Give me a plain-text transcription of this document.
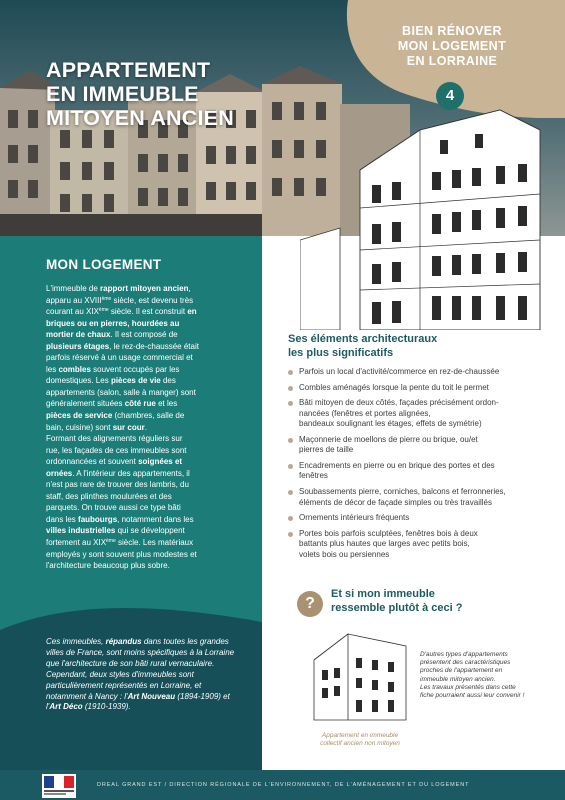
BIEN RÉNOVER
MON LOGEMENT
EN LORRAINE
4
APPARTEMENT
EN IMMEUBLE
MITOYEN ANCIEN
MON LOGEMENT

L'immeuble de rapport mitoyen ancien,
apparu au XVIIIème siècle, est devenu très
courant au XIXème siècle. Il est construit en
briques ou en pierres, hourdées au
mortier de chaux. Il est composé de
plusieurs étages, le rez-de-chaussée était
parfois réservé à un usage commercial et
les combles souvent occupés par les
domestiques. Les pièces de vie des
appartements (salon, salle à manger) sont
généralement situées côté rue et les
pièces de service (chambres, salle de
bain, cuisine) sont sur cour.
Formant des alignements réguliers sur
rue, les façades de ces immeubles sont
ordonnancées et souvent soignées et
ornées. A l'intérieur des appartements, il
n'est pas rare de trouver des lambris, du
staff, des plinthes moulurées et des
parquets. On trouve aussi ce type bâti
dans les faubourgs, notamment dans les
villes industrielles qui se développent
fortement au XIXème siècle. Les matériaux
employés y sont souvent plus modestes et
l'architecture beaucoup plus sobre.

Ces immeubles, répandus dans toutes les grandes villes de France, sont moins spécifiques à la Lorraine que l'architecture de son bâti rural vernaculaire. Cependant, deux styles d'immeubles sont particulièrement représentés en Lorraine, et notamment à Nancy : l'Art Nouveau (1894-1909) et l'Art Déco (1910-1939).
Ses éléments architecturaux
les plus significatifs
Parfois un local d'activité/commerce en rez-de-chaussée
Combles aménagés lorsque la pente du toit le permet
Bâti mitoyen de deux côtés, façades précisément ordon-
nancées (fenêtres et portes alignées,
bandeaux soulignant les étages, effets de symétrie)
Maçonnerie de moellons de pierre ou brique, ou/et
pierres de taille
Encadrements en pierre ou en brique des portes et des
fenêtres
Soubassements pierre, corniches, balcons et ferronneries,
éléments de décor de façade simples ou très travaillés
Ornements intérieurs fréquents
Portes bois parfois sculptées, fenêtres bois à deux
battants plus hautes que larges avec petits bois,
volets bois ou persiennes
?
Et si mon immeuble
ressemble plutôt à ceci ?
Appartement en immeuble
collectif ancien non mitoyen
D'autres types d'appartements
présentent des caractéristiques
proches de l'appartement en
immeuble mitoyen ancien.
Les travaux présentés dans cette
fiche pourraient aussi leur convenir !
DREAL GRAND EST / DIRECTION RÉGIONALE DE L'ENVIRONNEMENT, DE L'AMÉNAGEMENT ET DU LOGEMENT
